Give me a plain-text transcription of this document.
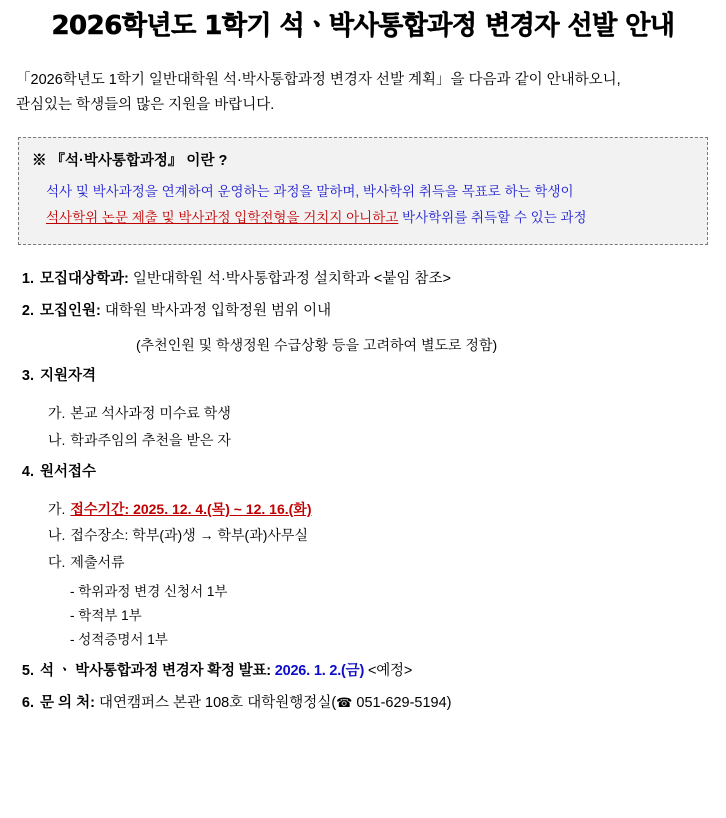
2026학년도 1학기 석ㆍ박사통합과정 변경자 선발 안내
「2026학년도 1학기 일반대학원 석·박사통합과정 변경자 선발 계획」을 다음과 같이 안내하오니,
관심있는 학생들의 많은 지원을 바랍니다.
※ 『석·박사통합과정』 이란 ?
석사 및 박사과정을 연계하여 운영하는 과정을 말하며, 박사학위 취득을 목표로 하는 학생이
석사학위 논문 제출 및 박사과정 입학전형을 거치지 아니하고 박사학위를 취득할 수 있는 과정
1. 모집대상학과: 일반대학원 석·박사통합과정 설치학과 <붙임 참조>
2. 모집인원: 대학원 박사과정 입학정원 범위 이내
(추천인원 및 학생정원 수급상황 등을 고려하여 별도로 정함)
3. 지원자격
가. 본교 석사과정 미수료 학생
나. 학과주임의 추천을 받은 자
4. 원서접수
가. 접수기간: 2025. 12. 4.(목) ~ 12. 16.(화)
나. 접수장소: 학부(과)생 → 학부(과)사무실
다. 제출서류
- 학위과정 변경 신청서 1부
- 학적부 1부
- 성적증명서 1부
5. 석 ㆍ 박사통합과정 변경자 확정 발표: 2026. 1. 2.(금) <예정>
6. 문 의 처: 대연캠퍼스 본관 108호 대학원행정실(☎ 051-629-5194)
